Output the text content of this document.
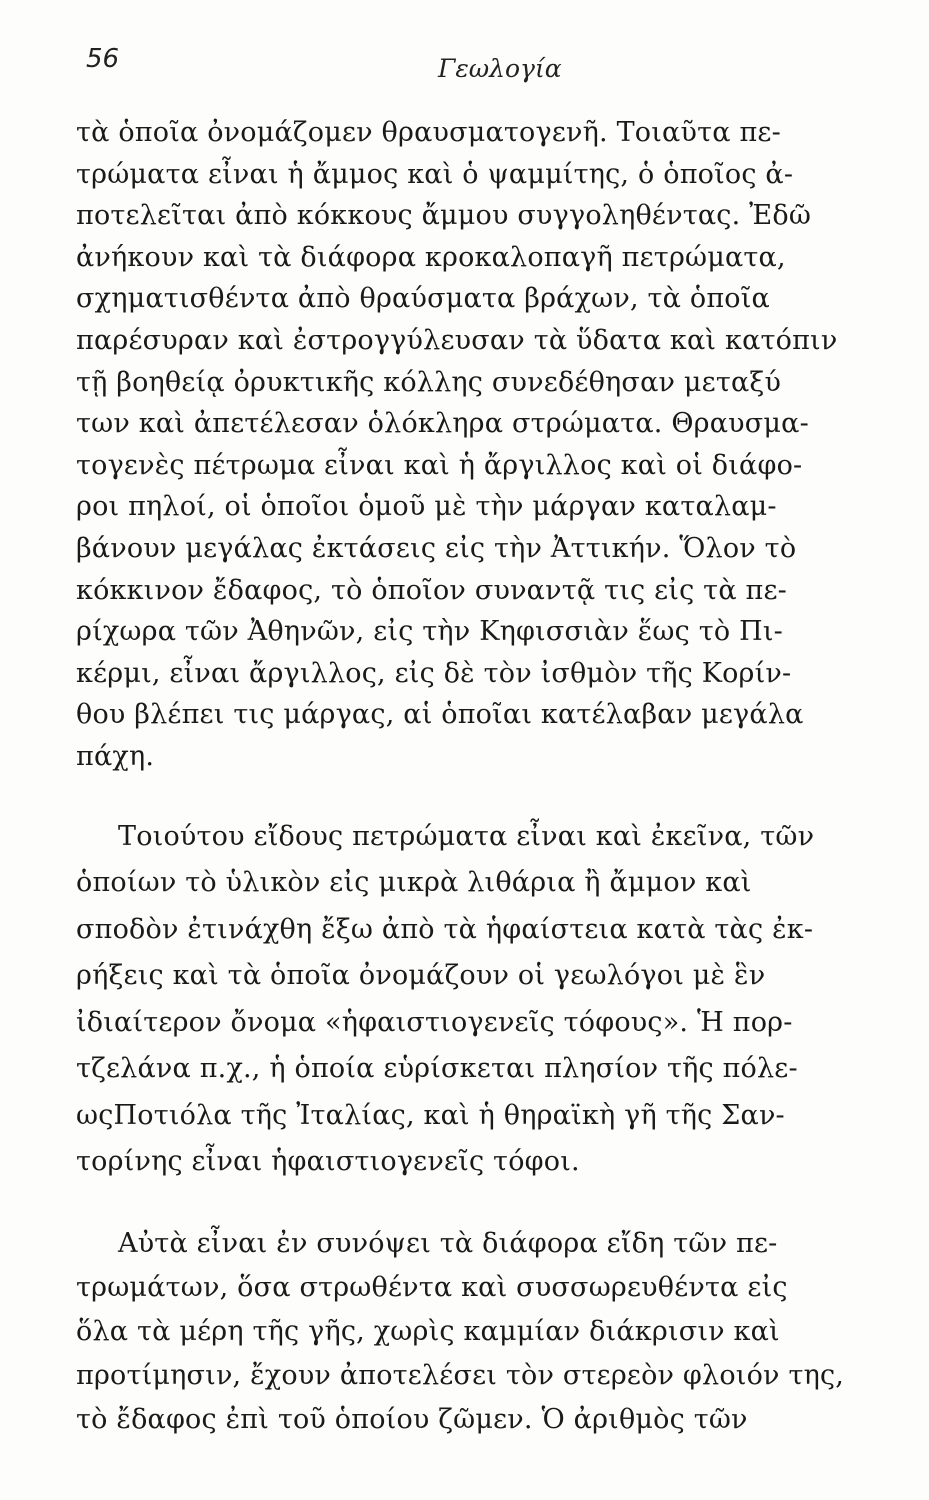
56	Γεωλογία
τὰ ὁποῖα ὀνομάζομεν θραυσματογενῆ. Τοιαῦτα πε-
τρώματα εἶναι ἡ ἄμμος καὶ ὁ ψαμμίτης, ὁ ὁποῖος ἀ-
ποτελεῖται ἀπὸ κόκκους ἄμμου συγγοληθέντας. Ἐδῶ
ἀνήκουν καὶ τὰ διάφορα κροκαλοπαγῆ πετρώματα,
σχηματισθέντα ἀπὸ θραύσματα βράχων, τὰ ὁποῖα
παρέσυραν καὶ ἐστρογγύλευσαν τὰ ὕδατα καὶ κατόπιν
τῇ βοηθείᾳ ὀρυκτικῆς κόλλης συνεδέθησαν μεταξύ
των καὶ ἀπετέλεσαν ὁλόκληρα στρώματα. Θραυσμα-
τογενὲς πέτρωμα εἶναι καὶ ἡ ἄργιλλος καὶ οἱ διάφο-
ροι πηλοί, οἱ ὁποῖοι ὁμοῦ μὲ τὴν μάργαν καταλαμ-
βάνουν μεγάλας ἐκτάσεις εἰς τὴν Ἀττικήν. Ὅλον τὸ
κόκκινον ἔδαφος, τὸ ὁποῖον συναντᾷ τις εἰς τὰ πε-
ρίχωρα τῶν Ἀθηνῶν, εἰς τὴν Κηφισσιὰν ἕως τὸ Πι-
κέρμι, εἶναι ἄργιλλος, εἰς δὲ τὸν ἰσθμὸν τῆς Κορίν-
θου βλέπει τις μάργας, αἱ ὁποῖαι κατέλαβαν μεγάλα
πάχη.
Τοιούτου εἴδους πετρώματα εἶναι καὶ ἐκεῖνα, τῶν
ὁποίων τὸ ὑλικὸν εἰς μικρὰ λιθάρια ἢ ἄμμον καὶ
σποδὸν ἐτινάχθη ἔξω ἀπὸ τὰ ἡφαίστεια κατὰ τὰς ἐκ-
ρήξεις καὶ τὰ ὁποῖα ὀνομάζουν οἱ γεωλόγοι μὲ ἓν
ἰδιαίτερον ὄνομα «ἡφαιστιογενεῖς τόφους». Ἡ πορ-
τζελάνα π.χ., ἡ ὁποία εὑρίσκεται πλησίον τῆς πόλε-
ωςΠοτιόλα τῆς Ἰταλίας, καὶ ἡ θηραϊκὴ γῆ τῆς Σαν-
τορίνης εἶναι ἡφαιστιογενεῖς τόφοι.
Αὐτὰ εἶναι ἐν συνόψει τὰ διάφορα εἴδη τῶν πε-
τρωμάτων, ὅσα στρωθέντα καὶ συσσωρευθέντα εἰς
ὅλα τὰ μέρη τῆς γῆς, χωρὶς καμμίαν διάκρισιν καὶ
προτίμησιν, ἔχουν ἀποτελέσει τὸν στερεὸν φλοιόν της,
τὸ ἔδαφος ἐπὶ τοῦ ὁποίου ζῶμεν. Ὁ ἀριθμὸς τῶν
